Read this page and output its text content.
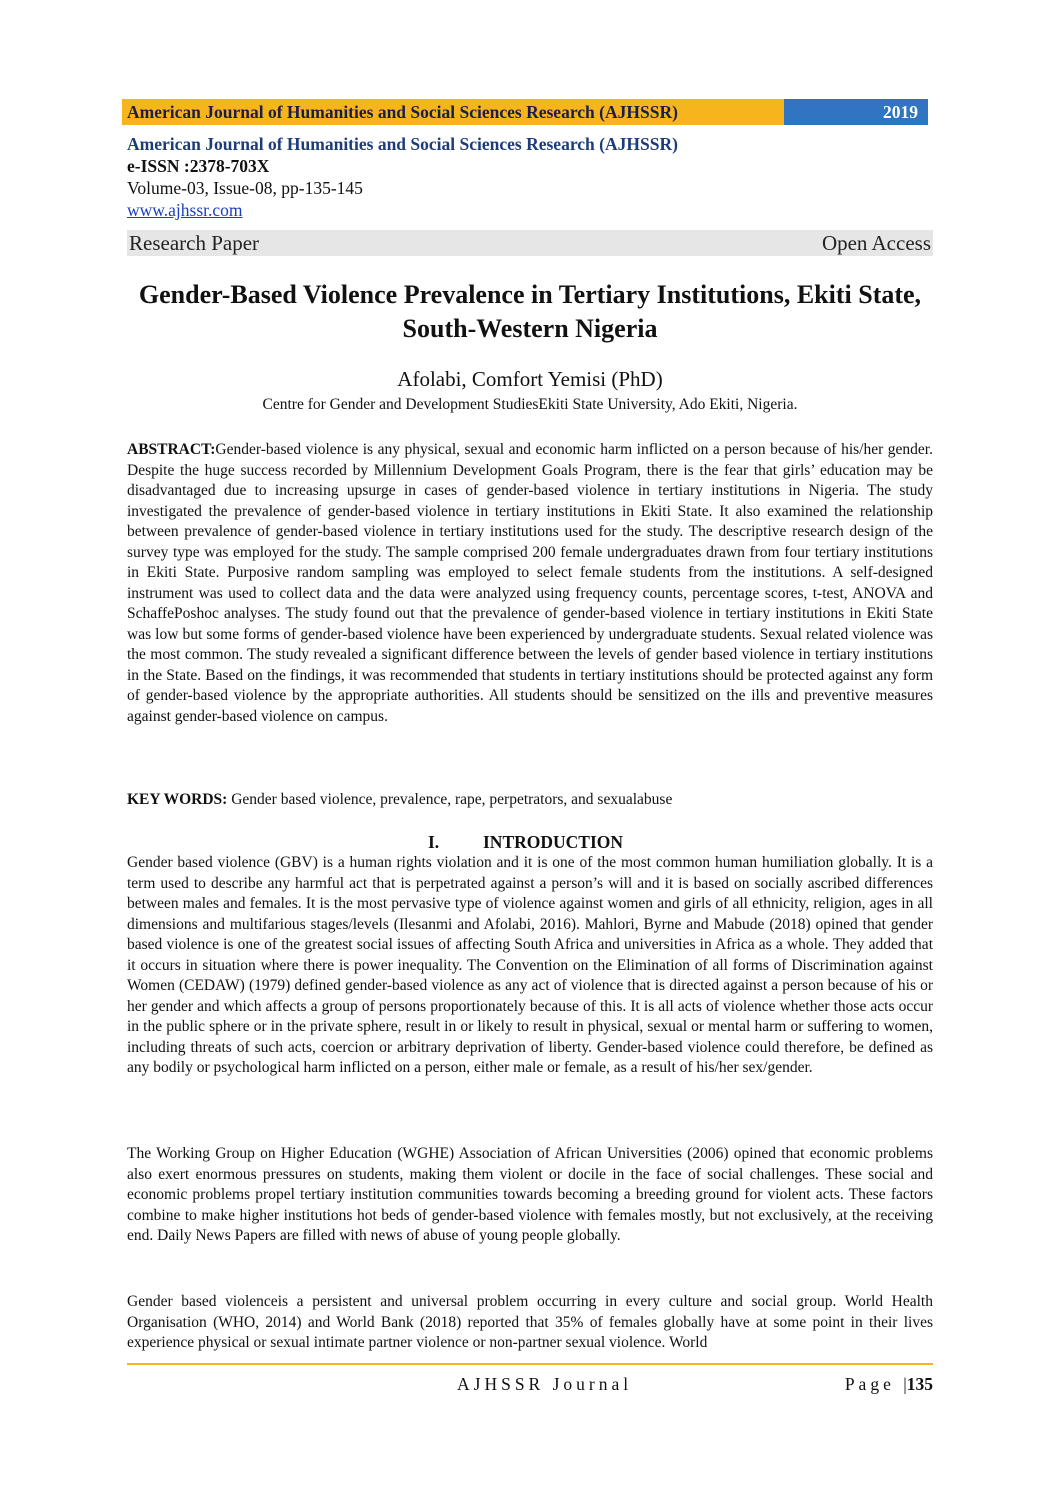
American Journal of Humanities and Social Sciences Research (AJHSSR)	2019
American Journal of Humanities and Social Sciences Research (AJHSSR)
e-ISSN :2378-703X
Volume-03, Issue-08, pp-135-145
www.ajhssr.com
Research Paper	Open Access
Gender-Based Violence Prevalence in Tertiary Institutions, Ekiti State, South-Western Nigeria
Afolabi, Comfort Yemisi (PhD)
Centre for Gender and Development StudiesEkiti State University, Ado Ekiti, Nigeria.

ABSTRACT:Gender-based violence is any physical, sexual and economic harm inflicted on a person because of his/her gender. Despite the huge success recorded by Millennium Development Goals Program, there is the fear that girls’ education may be disadvantaged due to increasing upsurge in cases of gender-based violence in tertiary institutions in Nigeria. The study investigated the prevalence of gender-based violence in tertiary institutions in Ekiti State. It also examined the relationship between prevalence of gender-based violence in tertiary institutions used for the study. The descriptive research design of the survey type was employed for the study. The sample comprised 200 female undergraduates drawn from four tertiary institutions in Ekiti State. Purposive random sampling was employed to select female students from the institutions. A self-designed instrument was used to collect data and the data were analyzed using frequency counts, percentage scores, t-test, ANOVA and SchaffePoshoc analyses. The study found out that the prevalence of gender-based violence in tertiary institutions in Ekiti State was low but some forms of gender-based violence have been experienced by undergraduate students. Sexual related violence was the most common. The study revealed a significant difference between the levels of gender based violence in tertiary institutions in the State. Based on the findings, it was recommended that students in tertiary institutions should be protected against any form of gender-based violence by the appropriate authorities. All students should be sensitized on the ills and preventive measures against gender-based violence on campus.

KEY WORDS: Gender based violence, prevalence, rape, perpetrators, and sexualabuse

I.	INTRODUCTION

Gender based violence (GBV) is a human rights violation and it is one of the most common human humiliation globally. It is a term used to describe any harmful act that is perpetrated against a person’s will and it is based on socially ascribed differences between males and females. It is the most pervasive type of violence against women and girls of all ethnicity, religion, ages in all dimensions and multifarious stages/levels (Ilesanmi and Afolabi, 2016). Mahlori, Byrne and Mabude (2018) opined that gender based violence is one of the greatest social issues of affecting South Africa and universities in Africa as a whole. They added that it occurs in situation where there is power inequality. The Convention on the Elimination of all forms of Discrimination against Women (CEDAW) (1979) defined gender-based violence as any act of violence that is directed against a person because of his or her gender and which affects a group of persons proportionately because of this. It is all acts of violence whether those acts occur in the public sphere or in the private sphere, result in or likely to result in physical, sexual or mental harm or suffering to women, including threats of such acts, coercion or arbitrary deprivation of liberty. Gender-based violence could therefore, be defined as any bodily or psychological harm inflicted on a person, either male or female, as a result of his/her sex/gender.

The Working Group on Higher Education (WGHE) Association of African Universities (2006) opined that economic problems also exert enormous pressures on students, making them violent or docile in the face of social challenges. These social and economic problems propel tertiary institution communities towards becoming a breeding ground for violent acts. These factors combine to make higher institutions hot beds of gender-based violence with females mostly, but not exclusively, at the receiving end. Daily News Papers are filled with news of abuse of young people globally.

Gender based violenceis a persistent and universal problem occurring in every culture and social group. World Health Organisation (WHO, 2014) and World Bank (2018) reported that 35% of females globally have at some point in their lives experience physical or sexual intimate partner violence or non-partner sexual violence. World

AJHSSR Journal	Page |135
